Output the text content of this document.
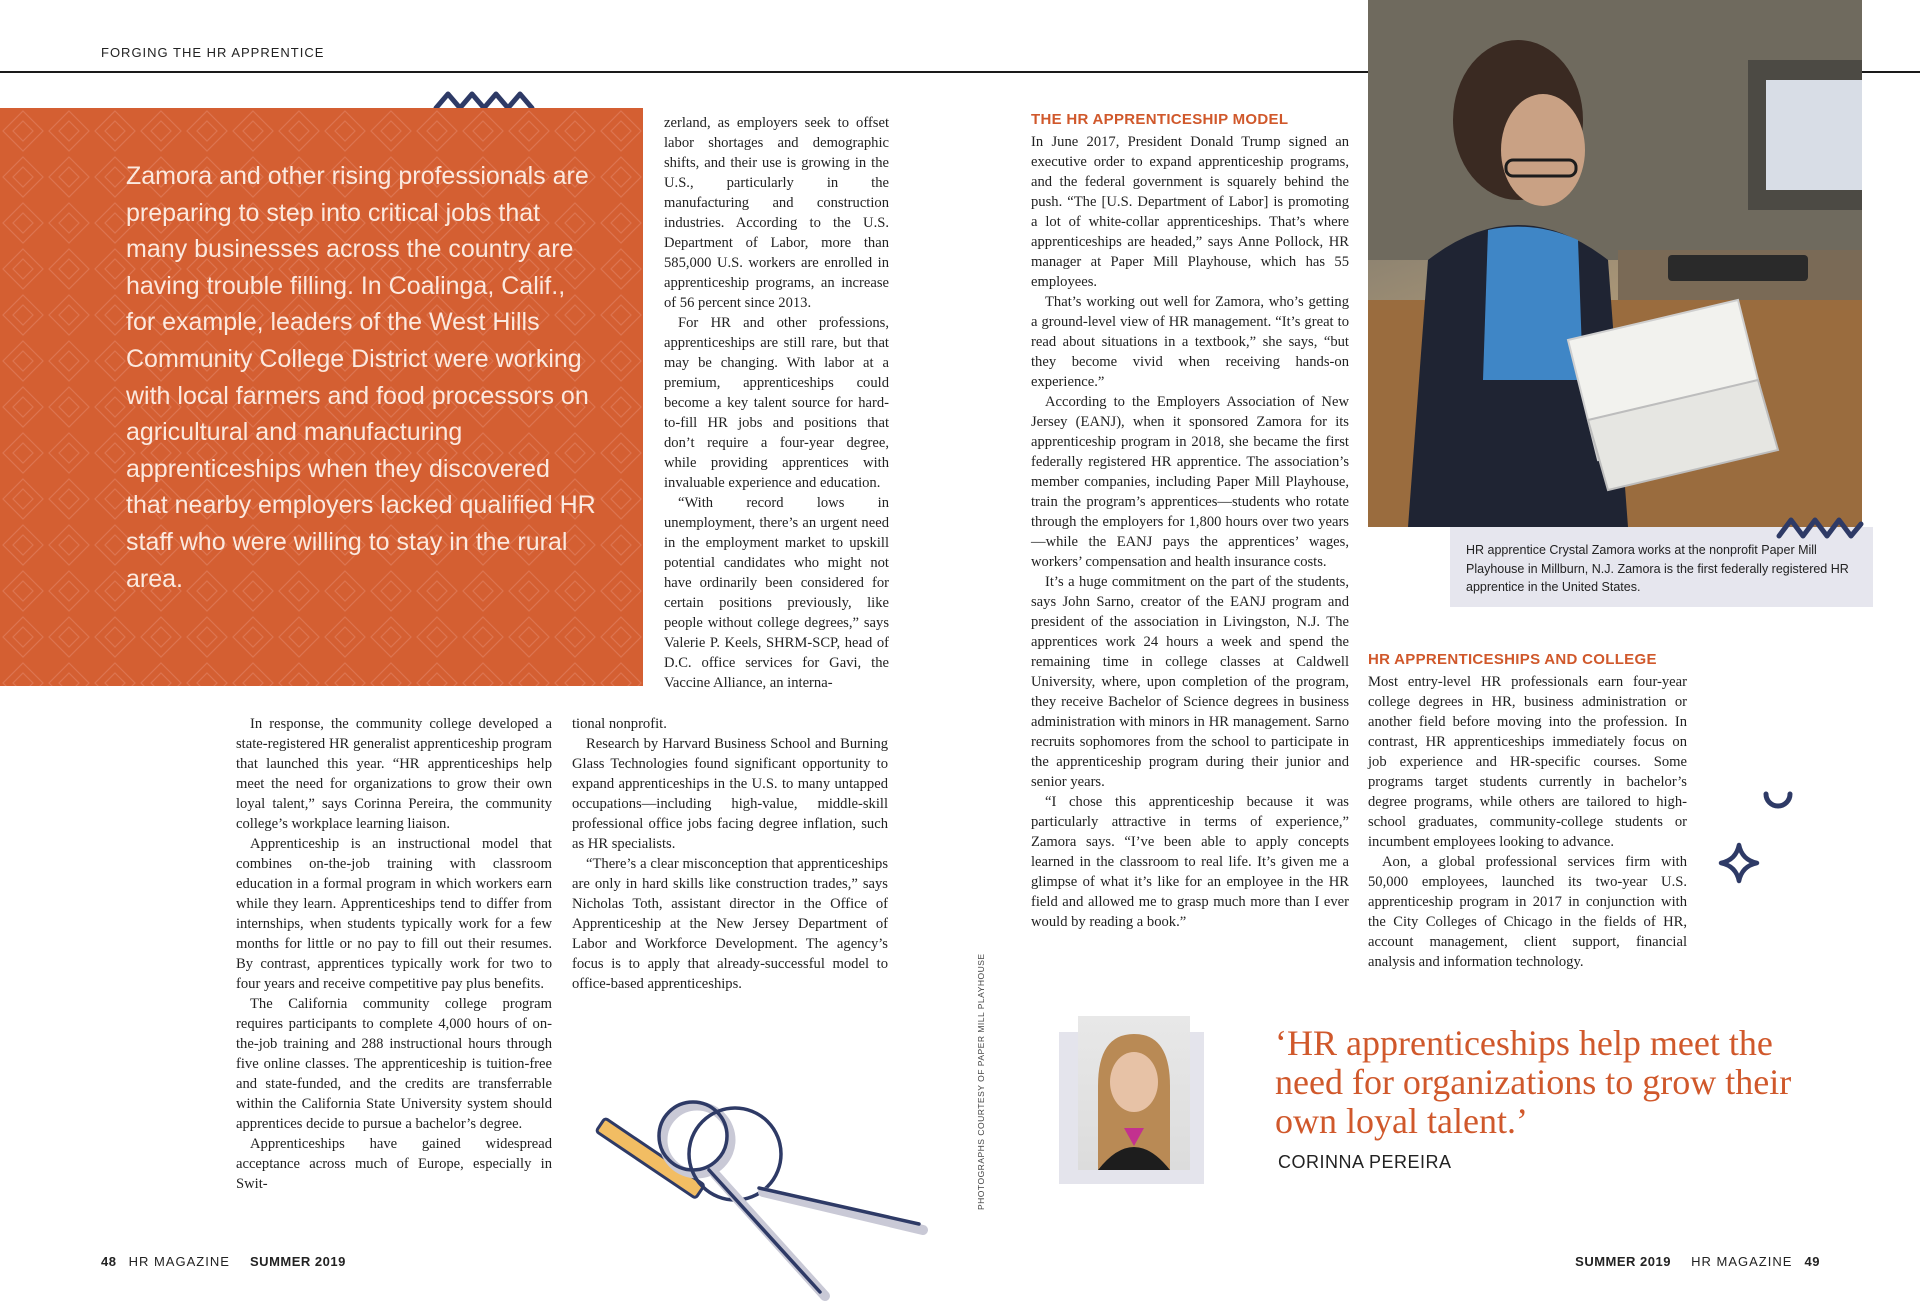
FORGING THE HR APPRENTICE
Zamora and other rising professionals are preparing to step into critical jobs that many businesses across the country are having trouble filling. In Coalinga, Calif., for example, leaders of the West Hills Community College District were working with local farmers and food processors on agricultural and manufacturing apprenticeships when they discovered that nearby employers lacked qualified HR staff who were willing to stay in the rural area.

In response, the community college developed a state-registered HR generalist apprenticeship program that launched this year. “HR apprenticeships help meet the need for organizations to grow their own loyal talent,” says Corinna Pereira, the community college’s workplace learning liaison.

Apprenticeship is an instructional model that combines on-the-job training with classroom education in a formal program in which workers earn while they learn. Apprenticeships tend to differ from internships, when students typically work for a few months for little or no pay to fill out their resumes. By contrast, apprentices typically work for two to four years and receive competitive pay plus benefits.

The California community college program requires participants to complete 4,000 hours of on-the-job training and 288 instructional hours through five online classes. The apprenticeship is tuition-free and state-funded, and the credits are transferrable within the California State University system should apprentices decide to pursue a bachelor’s degree.

Apprenticeships have gained widespread acceptance across much of Europe, especially in Swit-

zerland, as employers seek to offset labor shortages and demographic shifts, and their use is growing in the U.S., particularly in the manufacturing and construction industries. According to the U.S. Department of Labor, more than 585,000 U.S. workers are enrolled in apprenticeship programs, an increase of 56 percent since 2013.

For HR and other professions, apprenticeships are still rare, but that may be changing. With labor at a premium, apprenticeships could become a key talent source for hard-to-fill HR jobs and positions that don’t require a four-year degree, while providing apprentices with invaluable experience and education.

“With record lows in unemployment, there’s an urgent need in the employment market to upskill potential candidates who might not have ordinarily been considered for certain positions previously, like people without college degrees,” says Valerie P. Keels, SHRM-SCP, head of D.C. office services for Gavi, the Vaccine Alliance, an interna-

tional nonprofit.

Research by Harvard Business School and Burning Glass Technologies found significant opportunity to expand apprenticeships in the U.S. to many untapped occupations—including high-value, middle-skill professional office jobs facing degree inflation, such as HR specialists.

“There’s a clear misconception that apprenticeships are only in hard skills like construction trades,” says Nicholas Toth, assistant director in the Office of Apprenticeship at the New Jersey Department of Labor and Workforce Development. The agency’s focus is to apply that already-successful model to office-based apprenticeships.	PHOTOGRAPHS COURTESY OF PAPER MILL PLAYHOUSE
THE HR APPRENTICESHIP MODEL

In June 2017, President Donald Trump signed an executive order to expand apprenticeship programs, and the federal government is squarely behind the push. “The [U.S. Department of Labor] is promoting a lot of white-collar apprenticeships. That’s where apprenticeships are headed,” says Anne Pollock, HR manager at Paper Mill Playhouse, which has 55 employees.

That’s working out well for Zamora, who’s getting a ground-level view of HR management. “It’s great to read about situations in a textbook,” she says, “but they become vivid when receiving hands-on experience.”

According to the Employers Association of New Jersey (EANJ), when it sponsored Zamora for its apprenticeship program in 2018, she became the first federally registered HR apprentice. The association’s member companies, including Paper Mill Playhouse, train the program’s apprentices—students who rotate through the employers for 1,800 hours over two years—while the EANJ pays the apprentices’ wages, workers’ compensation and health insurance costs.

It’s a huge commitment on the part of the students, says John Sarno, creator of the EANJ program and president of the association in Livingston, N.J. The apprentices work 24 hours a week and spend the remaining time in college classes at Caldwell University, where, upon completion of the program, they receive Bachelor of Science degrees in business administration with minors in HR management. Sarno recruits sophomores from the school to participate in the apprenticeship program during their junior and senior years.

“I chose this apprenticeship because it was particularly attractive in terms of experience,” Zamora says. “I’ve been able to apply concepts learned in the classroom to real life. It’s given me a glimpse of what it’s like for an employee in the HR field and allowed me to grasp much more than I ever would by reading a book.”

HR apprentice Crystal Zamora works at the nonprofit Paper Mill Playhouse in Millburn, N.J. Zamora is the first federally registered HR apprentice in the United States.
HR APPRENTICESHIPS AND COLLEGE

Most entry-level HR professionals earn four-year college degrees in HR, business administration or another field before moving into the profession. In contrast, HR apprenticeships immediately focus on job experience and HR-specific courses. Some programs target students currently in bachelor’s degree programs, while others are tailored to high-school graduates, community-college students or incumbent employees looking to advance.

Aon, a global professional services firm with 50,000 employees, launched its two-year U.S. apprenticeship program in 2017 in conjunction with the City Colleges of Chicago in the fields of HR, account management, client support, financial analysis and information technology.

‘HR apprenticeships help meet the need for organizations to grow their own loyal talent.’
CORINNA PEREIRA
48 HR MAGAZINE SUMMER 2019	SUMMER 2019 HR MAGAZINE 49
